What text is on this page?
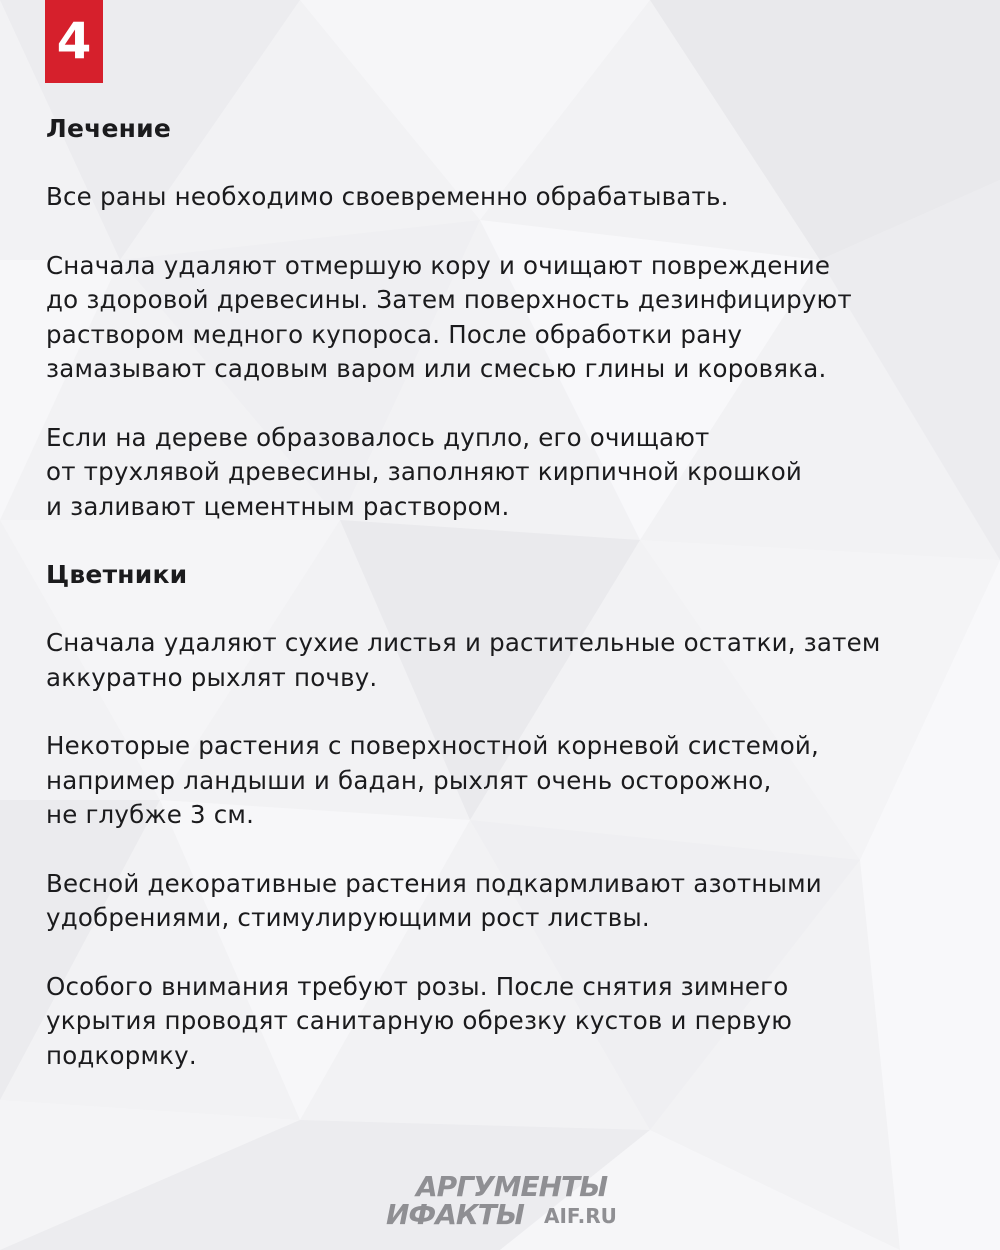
4
Лечение
Все раны необходимо своевременно обрабатывать.
Сначала удаляют отмершую кору и очищают повреждение
до здоровой древесины. Затем поверхность дезинфицируют
раствором медного купороса. После обработки рану
замазывают садовым варом или смесью глины и коровяка.
Если на дереве образовалось дупло, его очищают
от трухлявой древесины, заполняют кирпичной крошкой
и заливают цементным раствором.
Цветники
Сначала удаляют сухие листья и растительные остатки, затем
аккуратно рыхлят почву.
Некоторые растения с поверхностной корневой системой,
например ландыши и бадан, рыхлят очень осторожно,
не глубже 3 см.
Весной декоративные растения подкармливают азотными
удобрениями, стимулирующими рост листвы.
Особого внимания требуют розы. После снятия зимнего
укрытия проводят санитарную обрезку кустов и первую
подкормку.
АРГУМЕНТЫ
ИФАКТЫ AIF.RU
